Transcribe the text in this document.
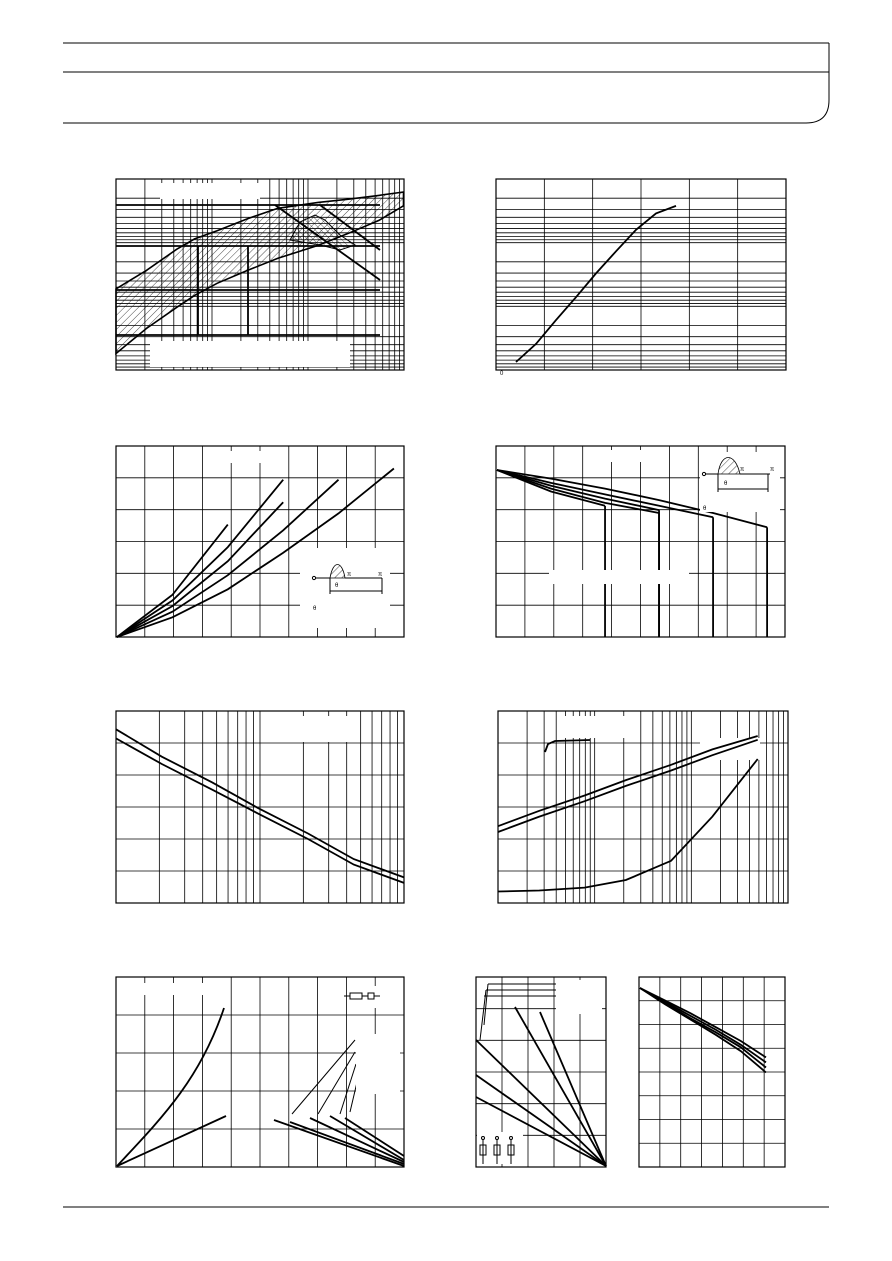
0
θ
π	π
θ
θ
π	π
θ
